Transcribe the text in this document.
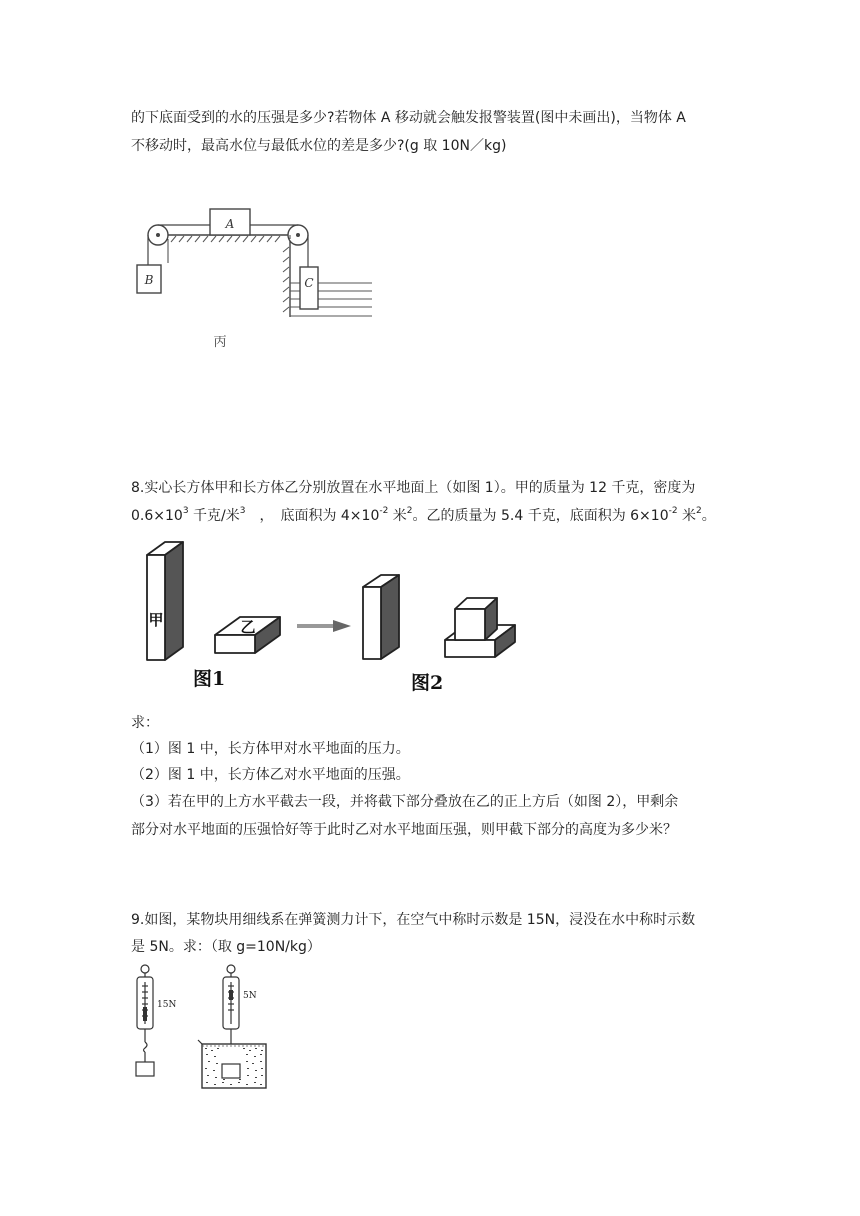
的下底面受到的水的压强是多少?若物体 A 移动就会触发报警装置(图中未画出)，当物体 A
不移动时，最高水位与最低水位的差是多少?(g 取 10N／kg)
A
B	C
丙
8.实心长方体甲和长方体乙分别放置在水平地面上（如图 1）。甲的质量为 12 千克，密度为
$0.6\times 10^3$ 千克/米$^3$　，　底面积为 $4\times 10^{-2}$ 米$^2$。乙的质量为 5.4 千克，底面积为 $6\times 10^{-2}$ 米$^2$。
甲	乙
图1	图2
求：
（1）图 1 中，长方体甲对水平地面的压力。
（2）图 1 中，长方体乙对水平地面的压强。
（3）若在甲的上方水平截去一段，并将截下部分叠放在乙的正上方后（如图 2），甲剩余
部分对水平地面的压强恰好等于此时乙对水平地面压强，则甲截下部分的高度为多少米？
9.如图，某物块用细线系在弹簧测力计下，在空气中称时示数是 15N，浸没在水中称时示数
是 5N。求：（取 g=10N/kg）
15N
5N
